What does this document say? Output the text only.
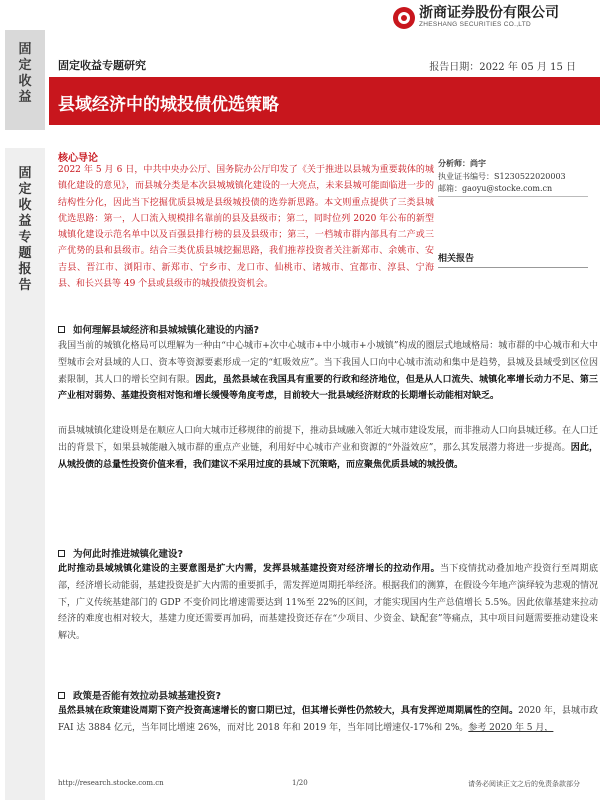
固定收益
固定收益专题报告
浙商证券股份有限公司
ZHESHANG SECURITIES CO.,LTD
固定收益专题研究	报告日期：2022 年 05 月 15 日
县域经济中的城投债优选策略
核心导论
2022 年 5 月 6 日，中共中央办公厅、国务院办公厅印发了《关于推进以县城为重要载体的城镇化建设的意见》，而县城分类是本次县城城镇化建设的一大亮点，未来县城可能面临进一步的结构性分化，因此当下挖掘优质县城是县级城投债的选券新思路。本文则重点提供了三类县城优选思路：第一，人口流入规模排名靠前的县及县级市；第二，同时位列 2020 年公布的新型城镇化建设示范名单中以及百强县排行榜的县及县级市；第三，一档城市群内部具有二产或三产优势的县和县级市。结合三类优质县城挖掘思路，我们推荐投资者关注新郑市、余姚市、安吉县、晋江市、浏阳市、新郑市、宁乡市、龙口市、仙桃市、诸城市、宜都市、淳县、宁海县、和长兴县等 49 个县或县级市的城投债投资机会。
分析师：尚宇
执业证书编号：S1230522020003
邮箱：gaoyu@stocke.com.cn
相关报告
如何理解县域经济和县城城镇化建设的内涵?
我国当前的城镇化格局可以理解为一种由“中心城市+次中心城市+中小城市+小城镇”构成的圈层式地域格局：城市群的中心城市和大中型城市会对县域的人口、资本等资源要素形成一定的“虹吸效应”。当下我国人口向中心城市流动和集中是趋势，县城及县域受到区位因素限制，其人口的增长空间有限。因此，虽然县域在我国具有重要的行政和经济地位，但是从人口流失、城镇化率增长动力不足、第三产业相对弱势、基建投资相对饱和增长缓慢等角度考虑，目前较大一批县域经济财政的长期增长动能相对缺乏。
而县城城镇化建设则是在顺应人口向大城市迁移规律的前提下，推动县域融入邻近大城市建设发展，而非推动人口向县城迁移。在人口迁出的背景下，如果县城能融入城市群的重点产业链，利用好中心城市产业和资源的“外溢效应”，那么其发展潜力将进一步提高。因此，从城投债的总量性投资价值来看，我们建议不采用过度的县域下沉策略，而应聚焦优质县域的城投债。
为何此时推进城镇化建设?
此时推动县域城镇化建设的主要意图是扩大内需，发挥县城基建投资对经济增长的拉动作用。当下疫情扰动叠加地产投资行至周期底部，经济增长动能弱，基建投资是扩大内需的重要抓手，需发挥逆周期托举经济。根据我们的测算，在假设今年地产演绎较为悲观的情况下，广义传统基建部门的 GDP 不变价同比增速需要达到 11%至 22%的区间，才能实现国内生产总值增长 5.5%。因此依靠基建来拉动经济的难度也相对较大，基建力度还需要再加码，而基建投资还存在“少项目、少资金、缺配套”等痛点，其中项目问题需要推动建设来解决。
政策是否能有效拉动县城基建投资?
虽然县城在政策建设周期下资产投资高速增长的窗口期已过，但其增长弹性仍然较大，具有发挥逆周期属性的空间。2020 年，县城市政 FAI 达 3884 亿元，当年同比增速 26%，而对比 2018 年和 2019 年，当年同比增速仅-17%和 2%。参考 2020 年 5 月，
http://research.stocke.com.cn	1/20	请务必阅读正文之后的免责条款部分
